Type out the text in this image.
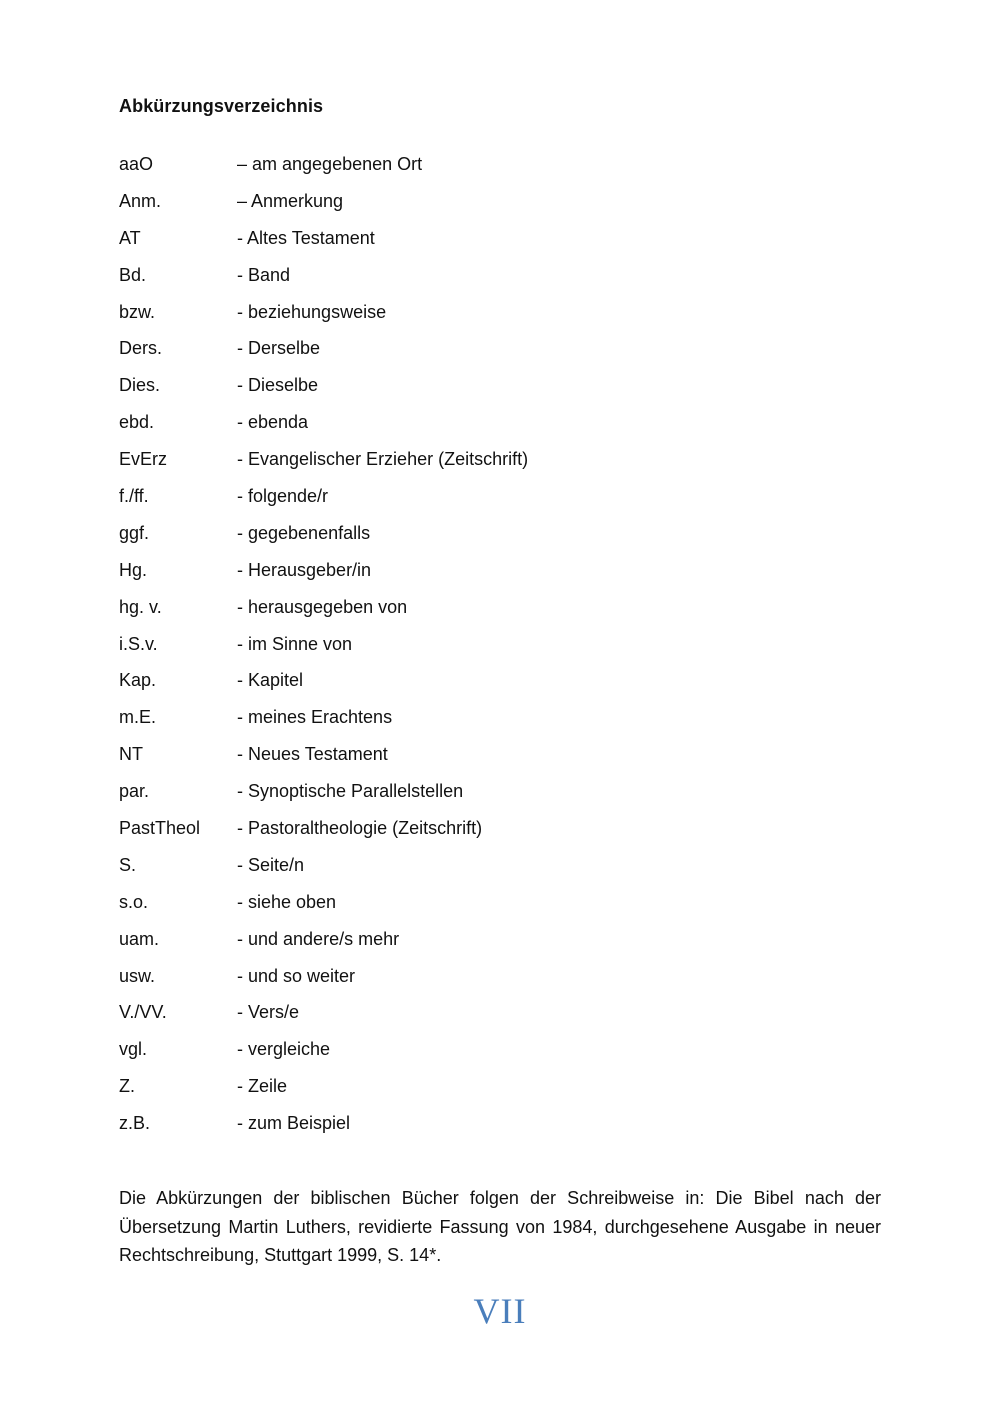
Abkürzungsverzeichnis
aaO	– am angegebenen Ort
Anm.	– Anmerkung
AT	- Altes Testament
Bd.	- Band
bzw.	- beziehungsweise
Ders.	- Derselbe
Dies.	- Dieselbe
ebd.	- ebenda
EvErz	- Evangelischer Erzieher (Zeitschrift)
f./ff.	- folgende/r
ggf.	- gegebenenfalls
Hg.	- Herausgeber/in
hg. v.	- herausgegeben von
i.S.v.	- im Sinne von
Kap.	- Kapitel
m.E.	- meines Erachtens
NT	- Neues Testament
par.	- Synoptische Parallelstellen
PastTheol	- Pastoraltheologie (Zeitschrift)
S.	- Seite/n
s.o.	- siehe oben
uam.	- und andere/s mehr
usw.	- und so weiter
V./VV.	- Vers/e
vgl.	- vergleiche
Z.	- Zeile
z.B.	- zum Beispiel
Die Abkürzungen der biblischen Bücher folgen der Schreibweise in: Die Bibel nach der Übersetzung Martin Luthers, revidierte Fassung von 1984, durchgesehene Ausgabe in neuer Rechtschreibung, Stuttgart 1999, S. 14*.
VII
